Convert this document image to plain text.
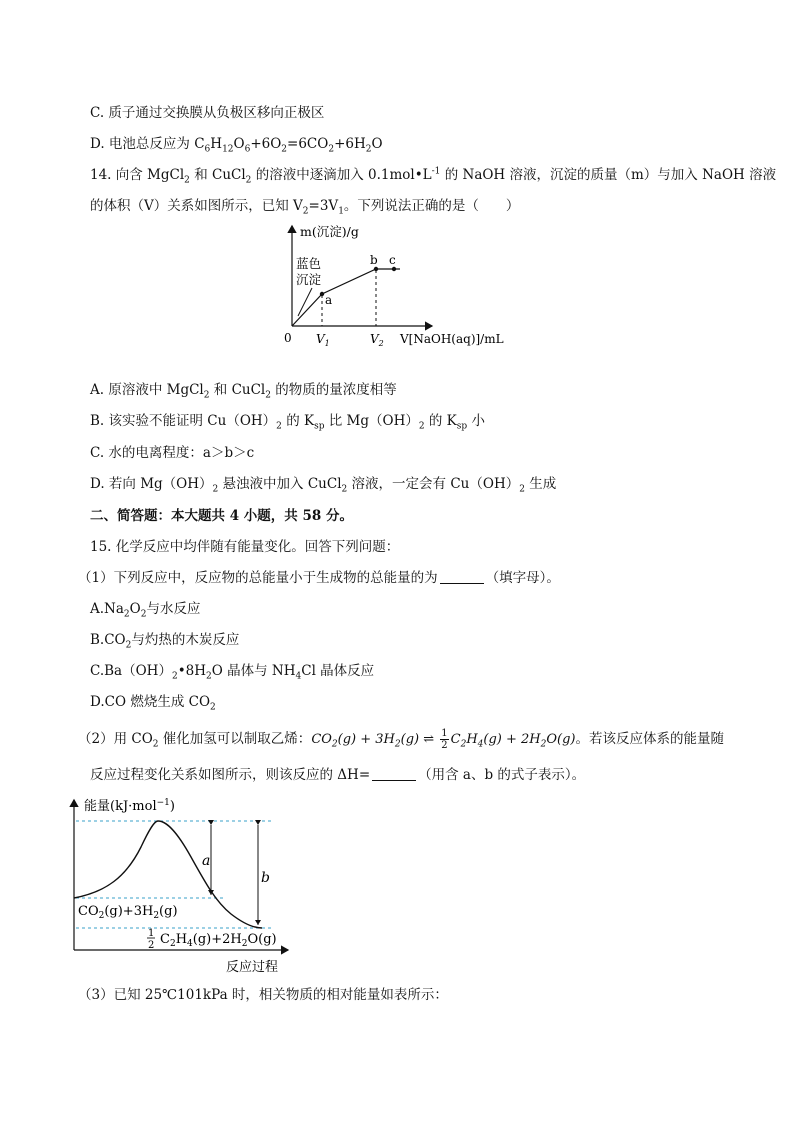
C. 质子通过交换膜从负极区移向正极区
D. 电池总反应为 $C_6H_{12}O_6+6O_2=6CO_2+6H_2O$
14. 向含 MgCl$_2$ 和 CuCl$_2$ 的溶液中逐滴加入 $0.1mol•L^{-1}$ 的 NaOH 溶液，沉淀的质量（m）与加入 NaOH 溶液
的体积（V）关系如图所示，已知 $V_2=3V_1$。下列说法正确的是（　　）
m(沉淀)/g
蓝色
沉淀
a
b c
0 $V_1$	$V_2$ V[NaOH(aq)]/mL
A. 原溶液中 MgCl$_2$ 和 CuCl$_2$ 的物质的量浓度相等
B. 该实验不能证明 $Cu(OH)_2$ 的 $K_{sp}$ 比 $Mg(OH)_2$ 的 $K_{sp}$ 小
C. 水的电离程度：a＞b＞c
D. 若向 $Mg(OH)_2$ 悬浊液中加入 CuCl$_2$ 溶液，一定会有 $Cu(OH)_2$ 生成
二、简答题：本大题共 4 小题，共 58 分。
15. 化学反应中均伴随有能量变化。回答下列问题：
（1）下列反应中，反应物的总能量小于生成物的总能量的为	（填字母）。
$A.Na_2O_2$与水反应
$B.CO_2$与灼热的木炭反应
$C.Ba(OH)_2•8H_2O$ 晶体与 $NH_4Cl$ 晶体反应
D.CO 燃烧生成 $CO_2$
（2）用 $CO_2$ 催化加氢可以制取乙烯：$CO_2(g) + 3H_2(g)$ ⇌ $\frac{1}{2} C_2H_4(g) + 2H_2O(g)$。若该反应体系的能量随
反应过程变化关系如图所示，则该反应的 ΔH=	（用含 a、b 的式子表示）。
a
b
能量(kJ·mol$^{-1}$)
$CO_2(g)+3H_2(g)$
1 2 $C_2H_4(g)+2H_2O(g)$
反应过程
（3）已知 25℃101kPa 时，相关物质的相对能量如表所示：
